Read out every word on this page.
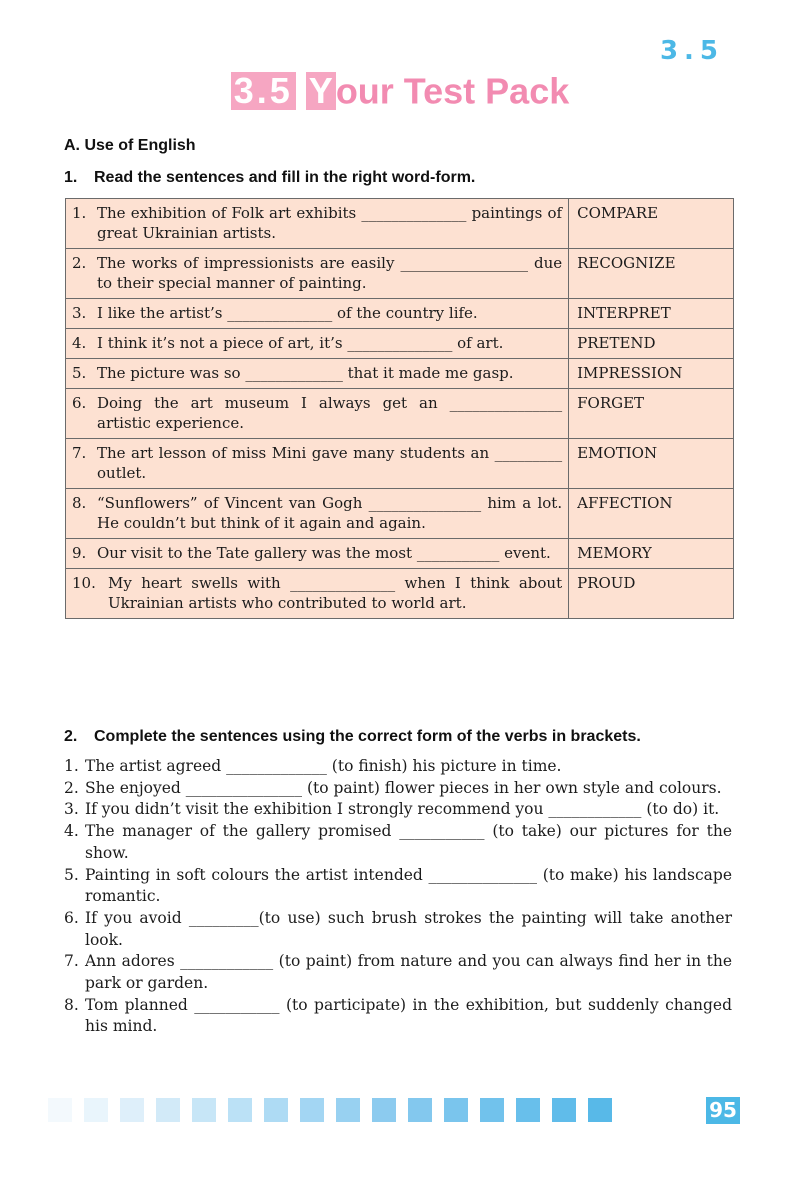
3.5
3.5 Your Test Pack
A. Use of English
1. Read the sentences and fill in the right word-form.
1. The exhibition of Folk art exhibits ______________ paintings of great Ukrainian artists.	COMPARE

2. The works of impressionists are easily _________________ due to their special manner of painting.	RECOGNIZE

3. I like the artist’s ______________ of the country life.	INTERPRET

4. I think it’s not a piece of art, it’s ______________ of art.	PRETEND

5. The picture was so _____________ that it made me gasp.	IMPRESSION

6. Doing the art museum I always get an _______________ artistic experience.	FORGET

7. The art lesson of miss Mini gave many students an _________ outlet.	EMOTION

8. “Sunflowers” of Vincent van Gogh _______________ him a lot. He couldn’t but think of it again and again.	AFFECTION

9. Our visit to the Tate gallery was the most ___________ event.	MEMORY

10. My heart swells with ______________ when I think about Ukrainian artists who contributed to world art.	PROUD
2. Complete the sentences using the correct form of the verbs in brackets.
1. The artist agreed _____________ (to finish) his picture in time.
2. She enjoyed _______________ (to paint) flower pieces in her own style and colours.
3. If you didn’t visit the exhibition I strongly recommend you ____________ (to do) it.
4. The manager of the gallery promised ___________ (to take) our pictures for the show.
5. Painting in soft colours the artist intended ______________ (to make) his landscape romantic.
6. If you avoid _________(to use) such brush strokes the painting will take another look.
7. Ann adores ____________ (to paint) from nature and you can always find her in the park or garden.
8. Tom planned ___________ (to participate) in the exhibition, but suddenly changed his mind.
95
